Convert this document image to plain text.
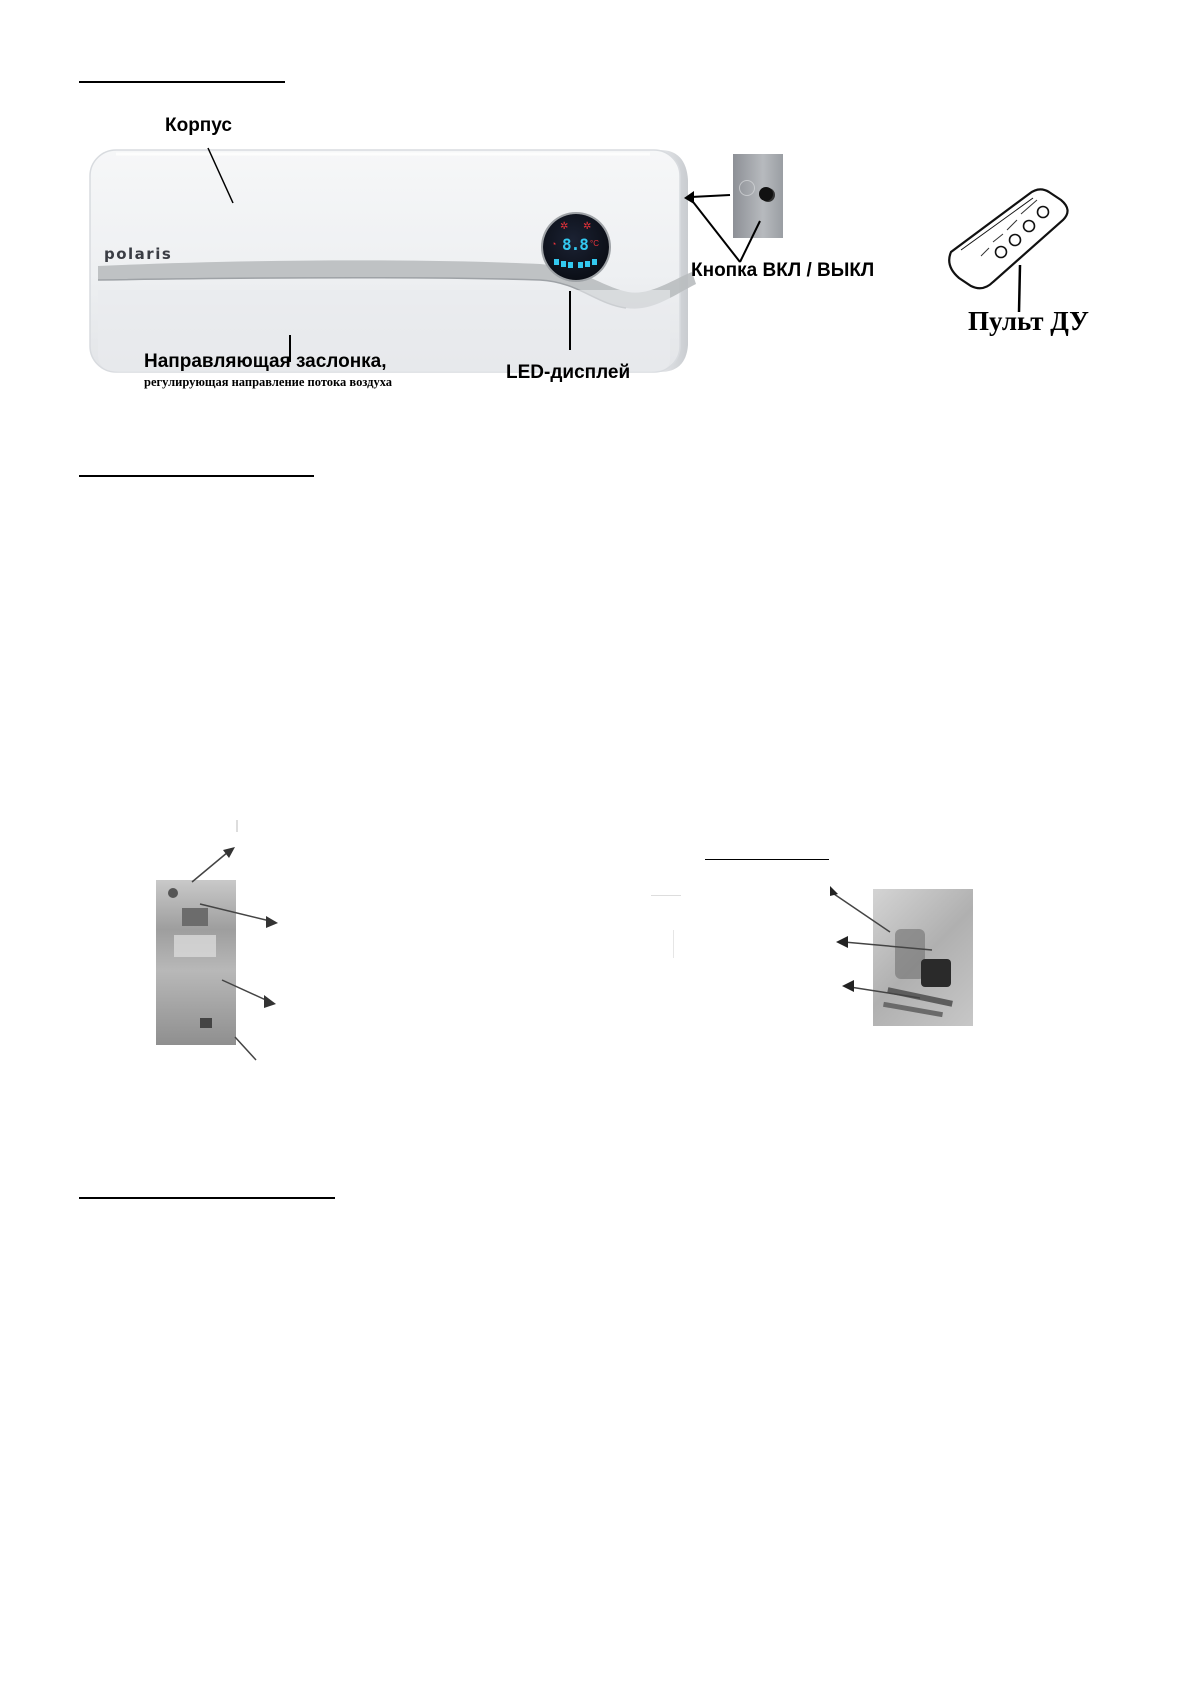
polaris
✲ ✲
◔ 8.8 °C
Корпус
Кнопка ВКЛ / ВЫКЛ
Пульт ДУ
Направляющая заслонка,
регулирующая направление потока воздуха	LED-дисплей
